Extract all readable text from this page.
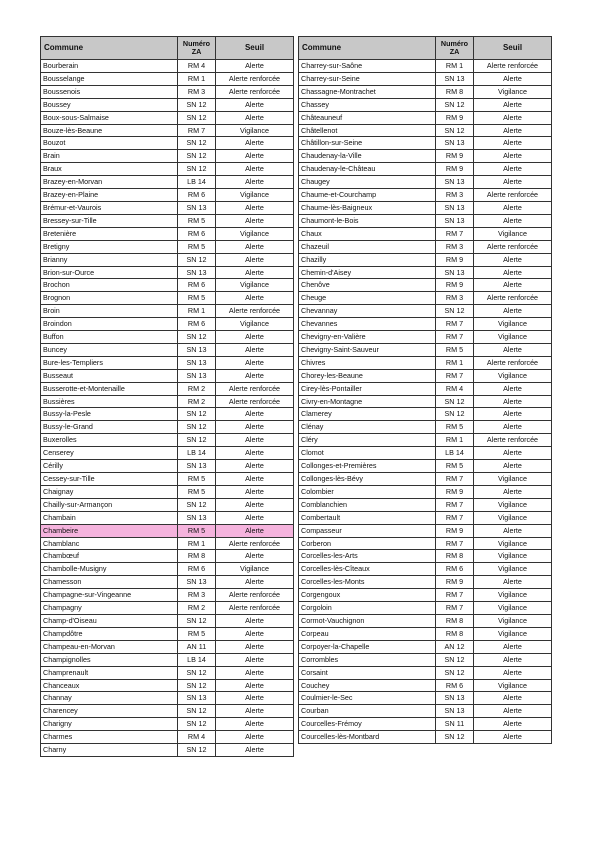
Commune	Numéro ZA	Seuil
Bourberain	RM 4	Alerte
Bousselange	RM 1	Alerte renforcée
Boussenois	RM 3	Alerte renforcée
Boussey	SN 12	Alerte
Boux-sous-Salmaise	SN 12	Alerte
Bouze-lès-Beaune	RM 7	Vigilance
Bouzot	SN 12	Alerte
Brain	SN 12	Alerte
Braux	SN 12	Alerte
Brazey-en-Morvan	LB 14	Alerte
Brazey-en-Plaine	RM 6	Vigilance
Brémur-et-Vaurois	SN 13	Alerte
Bressey-sur-Tille	RM 5	Alerte
Bretenière	RM 6	Vigilance
Bretigny	RM 5	Alerte
Brianny	SN 12	Alerte
Brion-sur-Ource	SN 13	Alerte
Brochon	RM 6	Vigilance
Brognon	RM 5	Alerte
Broin	RM 1	Alerte renforcée
Broindon	RM 6	Vigilance
Buffon	SN 12	Alerte
Buncey	SN 13	Alerte
Bure-les-Templiers	SN 13	Alerte
Busseaut	SN 13	Alerte
Busserotte-et-Montenaille	RM 2	Alerte renforcée
Bussières	RM 2	Alerte renforcée
Bussy-la-Pesle	SN 12	Alerte
Bussy-le-Grand	SN 12	Alerte
Buxerolles	SN 12	Alerte
Censerey	LB 14	Alerte
Cérilly	SN 13	Alerte
Cessey-sur-Tille	RM 5	Alerte
Chaignay	RM 5	Alerte
Chailly-sur-Armançon	SN 12	Alerte
Chambain	SN 13	Alerte
Chambeire	RM 5	Alerte
Chamblanc	RM 1	Alerte renforcée
Chambœuf	RM 8	Alerte
Chambolle-Musigny	RM 6	Vigilance
Chamesson	SN 13	Alerte
Champagne-sur-Vingeanne	RM 3	Alerte renforcée
Champagny	RM 2	Alerte renforcée
Champ-d'Oiseau	SN 12	Alerte
Champdôtre	RM 5	Alerte
Champeau-en-Morvan	AN 11	Alerte
Champignolles	LB 14	Alerte
Champrenault	SN 12	Alerte
Chanceaux	SN 12	Alerte
Channay	SN 13	Alerte
Charencey	SN 12	Alerte
Charigny	SN 12	Alerte
Charmes	RM 4	Alerte
Charny	SN 12	Alerte
Commune	Numéro ZA	Seuil
Charrey-sur-Saône	RM 1	Alerte renforcée
Charrey-sur-Seine	SN 13	Alerte
Chassagne-Montrachet	RM 8	Vigilance
Chassey	SN 12	Alerte
Châteauneuf	RM 9	Alerte
Châtellenot	SN 12	Alerte
Châtillon-sur-Seine	SN 13	Alerte
Chaudenay-la-Ville	RM 9	Alerte
Chaudenay-le-Château	RM 9	Alerte
Chaugey	SN 13	Alerte
Chaume-et-Courchamp	RM 3	Alerte renforcée
Chaume-lès-Baigneux	SN 13	Alerte
Chaumont-le-Bois	SN 13	Alerte
Chaux	RM 7	Vigilance
Chazeuil	RM 3	Alerte renforcée
Chazilly	RM 9	Alerte
Chemin-d'Aisey	SN 13	Alerte
Chenôve	RM 9	Alerte
Cheuge	RM 3	Alerte renforcée
Chevannay	SN 12	Alerte
Chevannes	RM 7	Vigilance
Chevigny-en-Valière	RM 7	Vigilance
Chevigny-Saint-Sauveur	RM 5	Alerte
Chivres	RM 1	Alerte renforcée
Chorey-les-Beaune	RM 7	Vigilance
Cirey-lès-Pontailler	RM 4	Alerte
Civry-en-Montagne	SN 12	Alerte
Clamerey	SN 12	Alerte
Clénay	RM 5	Alerte
Cléry	RM 1	Alerte renforcée
Clomot	LB 14	Alerte
Collonges-et-Premières	RM 5	Alerte
Collonges-lès-Bévy	RM 7	Vigilance
Colombier	RM 9	Alerte
Comblanchien	RM 7	Vigilance
Combertault	RM 7	Vigilance
Compasseur	RM 9	Alerte
Corberon	RM 7	Vigilance
Corcelles-les-Arts	RM 8	Vigilance
Corcelles-lès-Cîteaux	RM 6	Vigilance
Corcelles-les-Monts	RM 9	Alerte
Corgengoux	RM 7	Vigilance
Corgoloin	RM 7	Vigilance
Cormot-Vauchignon	RM 8	Vigilance
Corpeau	RM 8	Vigilance
Corpoyer-la-Chapelle	AN 12	Alerte
Corrombles	SN 12	Alerte
Corsaint	SN 12	Alerte
Couchey	RM 6	Vigilance
Coulmier-le-Sec	SN 13	Alerte
Courban	SN 13	Alerte
Courcelles-Frémoy	SN 11	Alerte
Courcelles-lès-Montbard	SN 12	Alerte
